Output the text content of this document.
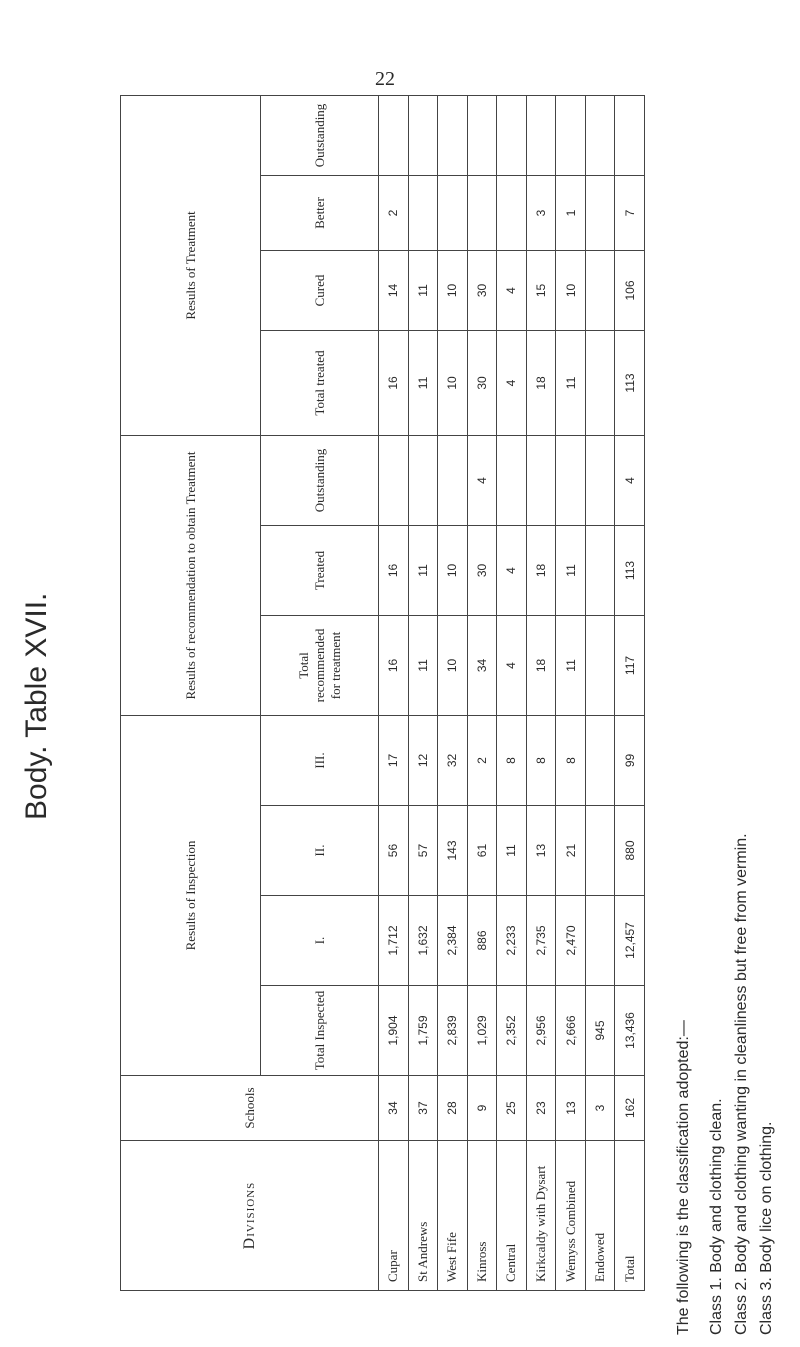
22
Body. Table XVII.
Divisions	Schools	Results of Inspection				Results of recommendation to obtain Treatment			Results of Treatment			
		Total Inspected	I.	II.	III.	Total recommended for treatment	Treated	Outstanding	Total treated	Cured	Better	Outstanding
Cupar	34	1,904	1,712	56	17	16	16		16	14	2	
St Andrews	37	1,759	1,632	57	12	11	11		11	11		
West Fife	28	2,839	2,384	143	32	10	10		10	10		
Kinross	9	1,029	886	61	2	34	30	4	30	30		
Central	25	2,352	2,233	11	8	4	4		4	4		
Kirkcaldy with Dysart	23	2,956	2,735	13	8	18	18		18	15	3	
Wemyss Combined	13	2,666	2,470	21	8	11	11		11	10	1	
Endowed	3	945										
Total	162	13,436	12,457	880	99	117	113	4	113	106	7	
The following is the classification adopted:— Class 1. Body and clothing clean. Class 2. Body and clothing wanting in cleanliness but free from vermin. Class 3. Body lice on clothing.
